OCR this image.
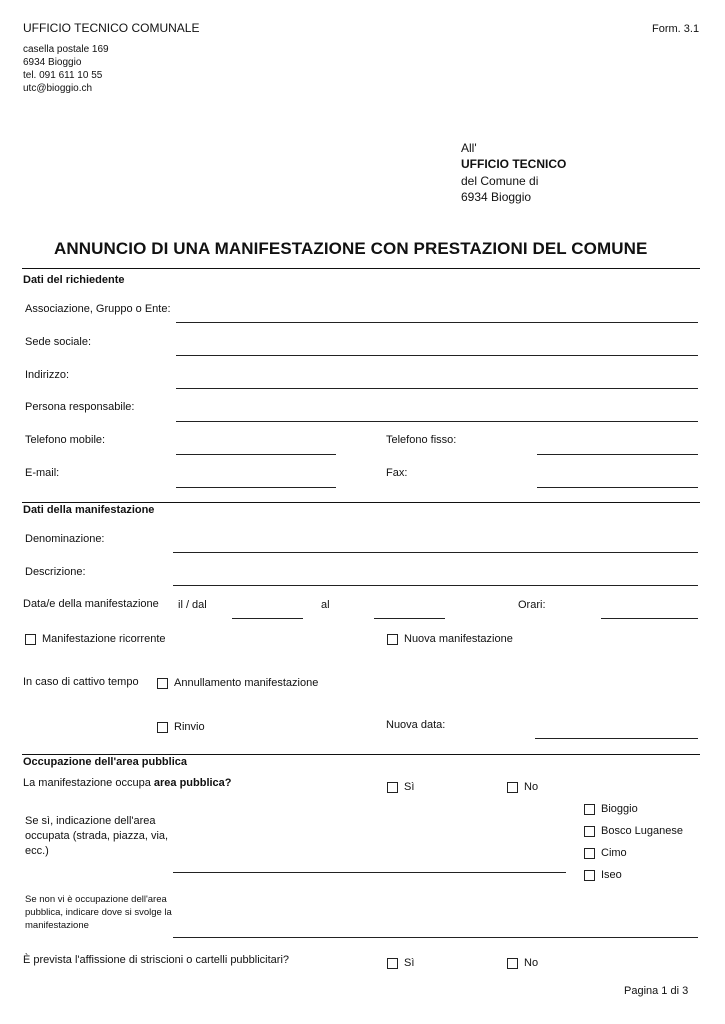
UFFICIO TECNICO COMUNALE	Form. 3.1
casella postale 169
6934 Bioggio
tel. 091 611 10 55
utc@bioggio.ch
All'
UFFICIO TECNICO
del Comune di
6934 Bioggio
ANNUNCIO DI UNA MANIFESTAZIONE CON PRESTAZIONI DEL COMUNE
Dati del richiedente
Associazione, Gruppo o Ente:
Sede sociale:
Indirizzo:
Persona responsabile:
Telefono mobile:	Telefono fisso:
E-mail:	Fax:
Dati della manifestazione
Denominazione:
Descrizione:
Data/e della manifestazione il / dal	al	Orari:
Manifestazione ricorrente	Nuova manifestazione
In caso di cattivo tempo	Annullamento manifestazione
Rinvio	Nuova data:
Occupazione dell'area pubblica
La manifestazione occupa area pubblica?	Sì	No
Se sì, indicazione dell'area occupata (strada, piazza, via, ecc.)
Bioggio
Bosco Luganese
Cimo
Iseo
Se non vi è occupazione dell'area pubblica, indicare dove si svolge la manifestazione
È prevista l'affissione di striscioni o cartelli pubblicitari?	Sì	No
Pagina 1 di 3
